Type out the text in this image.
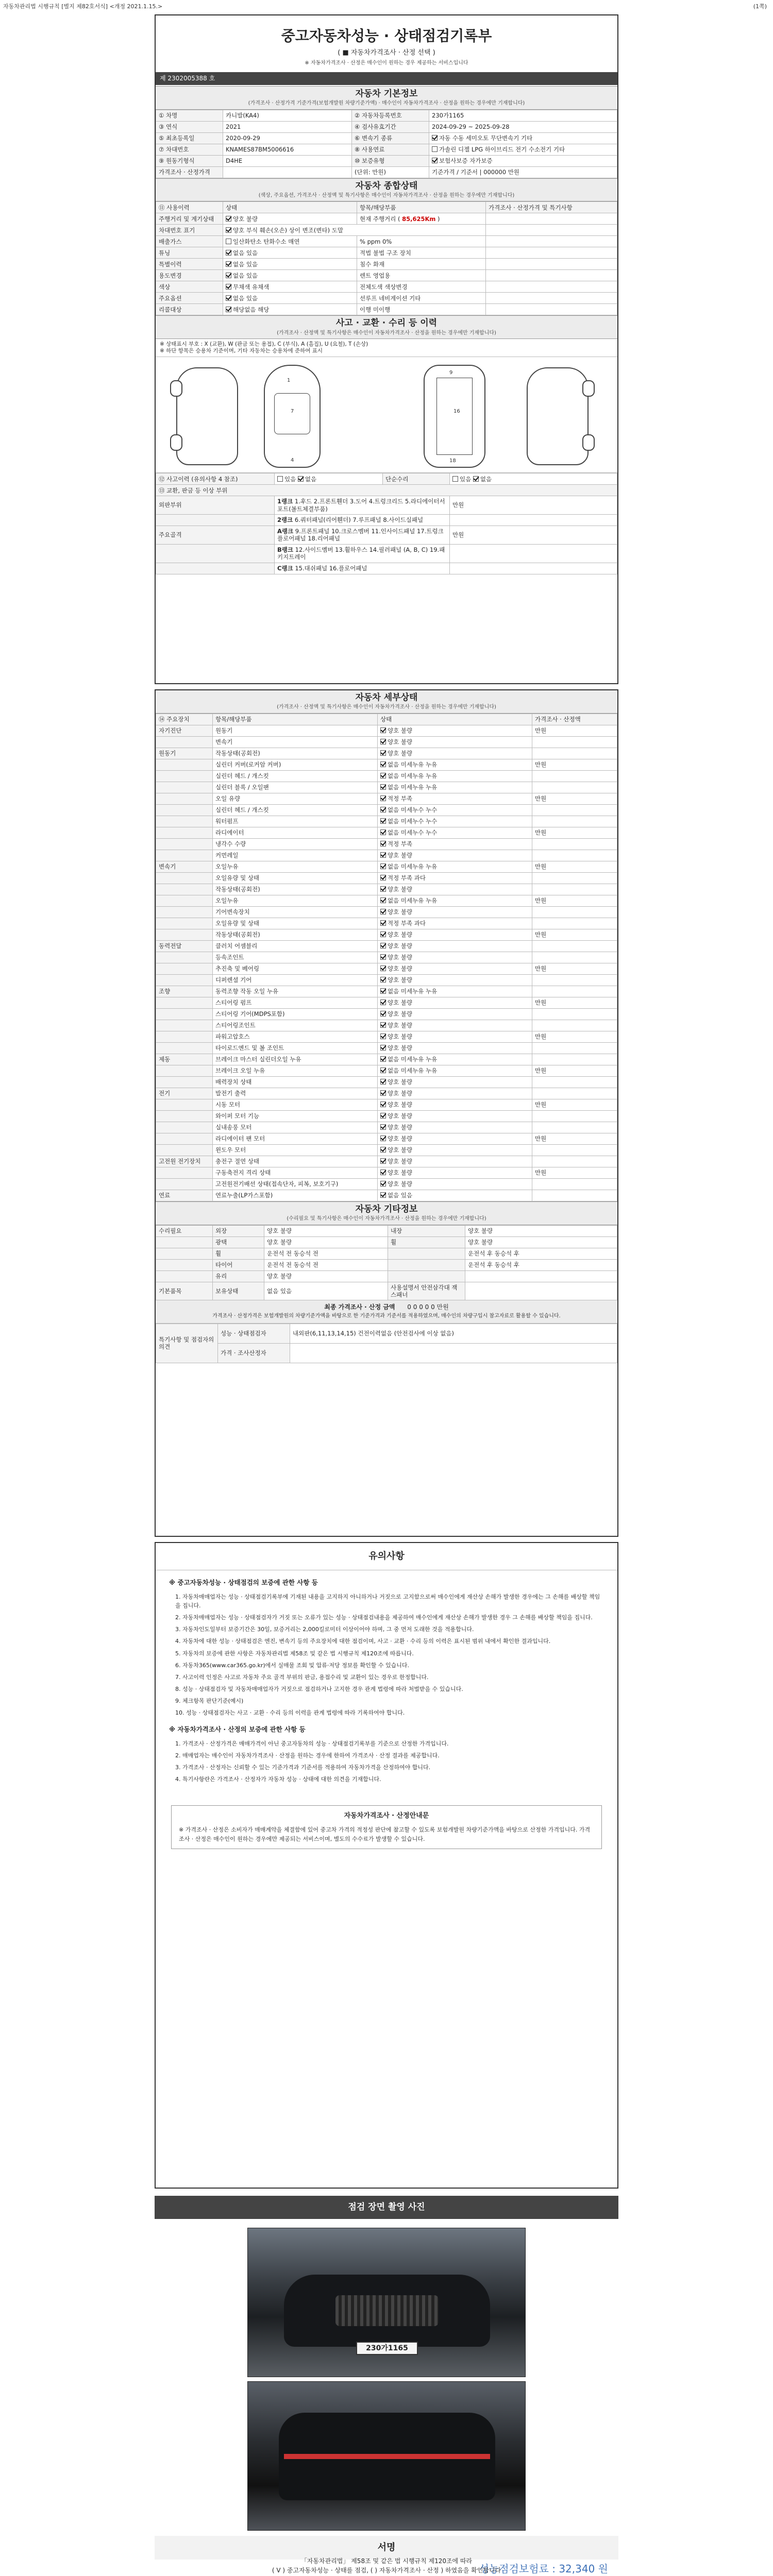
자동차관리법 시행규칙 [별지 제82호서식] <개정 2021.1.15.>	(1쪽)
중고자동차성능 · 상태점검기록부
( ■ 자동차가격조사 · 산정 선택 )
※ 자동차가격조사 · 산정은 매수인이 원하는 경우 제공하는 서비스입니다
제 2302005388 호
자동차 기본정보
(가격조사 · 산정가격 기준가격(보험개발원 차량기준가액) · 매수인이 자동차가격조사 · 산정을 원하는 경우에만 기재합니다)
① 차명	카니발(KA4)	② 자동차등록번호	230가1165
③ 연식	2021	④ 검사유효기간	2024-09-29 ~ 2025-09-28
⑤ 최초등록일	2020-09-29	⑥ 변속기 종류	자동 수동 세미오토 무단변속기 기타
⑦ 차대번호	KNAMES87BM5006616	⑧ 사용연료	가솔린 디젤 LPG 하이브리드 전기 수소전기 기타
⑨ 원동기형식	D4HE	⑩ 보증유형	보험사보증 자가보증
가격조사 · 산정가격		(단위: 만원)	기준가격 / 기준서 | 000000 만원
자동차 종합상태
(색상, 주요옵션, 가격조사 · 산정액 및 특기사항은 매수인이 자동차가격조사 · 산정을 원하는 경우에만 기재합니다)
⑪ 사용이력	상태	항목/해당부품	가격조사 · 산정가격 및 특기사항
주행거리 및 계기상태	양호 불량	현재 주행거리 ( 85,625Km )	
차대번호 표기	양호 부식 훼손(오손) 상이 변조(변타) 도말		
배출가스	일산화탄소 탄화수소 매연	% ppm 0%	
튜닝	없음 있음	적법 불법 구조 장치	
특별이력	없음 있음	침수 화재	
용도변경	없음 있음	렌트 영업용	
색상	무채색 유채색	전체도색 색상변경	
주요옵션	없음 있음	선루프 네비게이션 기타	
리콜대상	해당없음 해당	이행 미이행	
사고 · 교환 · 수리 등 이력
(가격조사 · 산정액 및 특기사항은 매수인이 자동차가격조사 · 산정을 원하는 경우에만 기재합니다)
※ 상태표시 부호 : X (교환), W (판금 또는 용접), C (부식), A (흠집), U (요철), T (손상)
※ 하단 항목은 승용차 기준이며, 기타 자동차는 승용차에 준하여 표시
1
7
4
16
9
18
⑫ 사고이력 (유의사항 4 참조)	있음 없음	단순수리	있음 없음
⑬ 교환, 판금 등 이상 부위			
외판부위	1랭크 1.후드 2.프론트휀더 3.도어 4.트렁크리드 5.라디에이터서포트(볼트체결부품)		만원
	2랭크 6.쿼터패널(리어휀더) 7.루프패널 8.사이드실패널		
주요골격	A랭크 9.프론트패널 10.크로스멤버 11.인사이드패널 17.트렁크플로어패널 18.리어패널		만원
	B랭크 12.사이드멤버 13.휠하우스 14.필러패널 (A, B, C) 19.패키지트레이		
	C랭크 15.대쉬패널 16.플로어패널		
자동차 세부상태
(가격조사 · 산정액 및 특기사항은 매수인이 자동차가격조사 · 산정을 원하는 경우에만 기재합니다)
⑭ 주요장치	항목/해당부품	상태	가격조사 · 산정액
자기진단	원동기	양호 불량	만원
	변속기	양호 불량	
원동기	작동상태(공회전)	양호 불량	
	실린더 커버(로커암 커버)	없음 미세누유 누유	만원
	실린더 헤드 / 개스킷	없음 미세누유 누유	
	실린더 블록 / 오일팬	없음 미세누유 누유	
	오일 유량	적정 부족	만원
	실린더 헤드 / 개스킷	없음 미세누수 누수	
	워터펌프	없음 미세누수 누수	
	라디에이터	없음 미세누수 누수	만원
	냉각수 수량	적정 부족	
	커먼레일	양호 불량	
변속기	오일누유	없음 미세누유 누유	만원
	오일유량 및 상태	적정 부족 과다	
	작동상태(공회전)	양호 불량	
	오일누유	없음 미세누유 누유	만원
	기어변속장치	양호 불량	
	오일유량 및 상태	적정 부족 과다	
	작동상태(공회전)	양호 불량	만원
동력전달	클러치 어셈블리	양호 불량	
	등속조인트	양호 불량	
	추진축 및 베어링	양호 불량	만원
	디퍼렌셜 기어	양호 불량	
조향	동력조향 작동 오일 누유	없음 미세누유 누유	
	스티어링 펌프	양호 불량	만원
	스티어링 기어(MDPS포함)	양호 불량	
	스티어링조인트	양호 불량	
	파워고압호스	양호 불량	만원
	타이로드엔드 및 볼 조인트	양호 불량	
제동	브레이크 마스터 실린더오일 누유	없음 미세누유 누유	
	브레이크 오일 누유	없음 미세누유 누유	만원
	배력장치 상태	양호 불량	
전기	발전기 출력	양호 불량	
	시동 모터	양호 불량	만원
	와이퍼 모터 기능	양호 불량	
	실내송풍 모터	양호 불량	
	라디에이터 팬 모터	양호 불량	만원
	윈도우 모터	양호 불량	
고전원 전기장치	충전구 절연 상태	양호 불량	
	구동축전지 격리 상태	양호 불량	만원
	고전원전기배선 상태(접속단자, 피복, 보호기구)	양호 불량	
연료	연료누출(LP가스포함)	없음 있음	
자동차 기타정보
(수리필요 및 특기사항은 매수인이 자동차가격조사 · 산정을 원하는 경우에만 기재합니다)
수리필요	외장	양호 불량	내장	양호 불량
	광택	양호 불량	휠	양호 불량
	휠	운전석 전 동승석 전		운전석 후 동승석 후
	타이어	운전석 전 동승석 전		운전석 후 동승석 후
	유리	양호 불량		
기본품목	보유상태	없음 있음	사용설명서 안전삼각대 잭 스패너	
최종 가격조사 · 산정 금액 0 0 0 0 0 만원
가격조사 · 산정가격은 보험개발원의 차량기준가액을 바탕으로 한 기준가격과 기준서를 적용하였으며, 매수인의 차량구입시 참고자료로 활용할 수 있습니다.
특기사항 및 점검자의 의견	성능 · 상태점검자	내외판(6,11,13,14,15) 건전이력없음 (안전검사에 이상 없음)
	가격 · 조사산정자	
유의사항
※ 중고자동차성능 · 상태점검의 보증에 관한 사항 등

1. 자동차매매업자는 성능 · 상태점검기록부에 기재된 내용을 고지하지 아니하거나 거짓으로 고지함으로써 매수인에게 재산상 손해가 발생한 경우에는 그 손해를 배상할 책임을 집니다.

2. 자동차매매업자는 성능 · 상태점검자가 거짓 또는 오류가 있는 성능 · 상태점검내용을 제공하여 매수인에게 재산상 손해가 발생한 경우 그 손해를 배상할 책임을 집니다.

3. 자동차인도일부터 보증기간은 30일, 보증거리는 2,000킬로미터 이상이어야 하며, 그 중 먼저 도래한 것을 적용합니다.

4. 자동차에 대한 성능 · 상태점검은 엔진, 변속기 등의 주요장치에 대한 점검이며, 사고 · 교환 · 수리 등의 이력은 표시된 범위 내에서 확인한 결과입니다.

5. 자동차의 보증에 관한 사항은 자동차관리법 제58조 및 같은 법 시행규칙 제120조에 따릅니다.

6. 자동차365(www.car365.go.kr)에서 실매물 조회 및 압류·저당 정보를 확인할 수 있습니다.

7. 사고이력 인정은 사고로 자동차 주요 골격 부위의 판금, 용접수리 및 교환이 있는 경우로 한정합니다.

8. 성능 · 상태점검자 및 자동차매매업자가 거짓으로 점검하거나 고지한 경우 관계 법령에 따라 처벌받을 수 있습니다.

9. 체크항목 판단기준(예시)

10. 성능 · 상태점검자는 사고 · 교환 · 수리 등의 이력을 관계 법령에 따라 기록하여야 합니다.

※ 자동차가격조사 · 산정의 보증에 관한 사항 등

1. 가격조사 · 산정가격은 매매가격이 아닌 중고자동차의 성능 · 상태점검기록부를 기준으로 산정한 가격입니다.

2. 매매업자는 매수인이 자동차가격조사 · 산정을 원하는 경우에 한하여 가격조사 · 산정 결과를 제공합니다.

3. 가격조사 · 산정자는 신뢰할 수 있는 기준가격과 기준서를 적용하여 자동차가격을 산정하여야 합니다.

4. 특기사항란은 가격조사 · 산정자가 자동차 성능 · 상태에 대한 의견을 기재합니다.

자동차가격조사 · 산정안내문
※ 가격조사 · 산정은 소비자가 매매계약을 체결함에 있어 중고차 가격의 적정성 판단에 참고할 수 있도록 보험개발원 차량기준가액을 바탕으로 산정한 가격입니다. 가격조사 · 산정은 매수인이 원하는 경우에만 제공되는 서비스이며, 별도의 수수료가 발생할 수 있습니다.
점검 장면 촬영 사진
230가1165
서명
성능점검보험료 : 32,340 원
「자동차관리법」 제58조 및 같은 법 시행규칙 제120조에 따라
( V ) 중고자동차성능 · 상태를 점검, ( ) 자동차가격조사 · 산정 ) 하였음을 확인합니다
